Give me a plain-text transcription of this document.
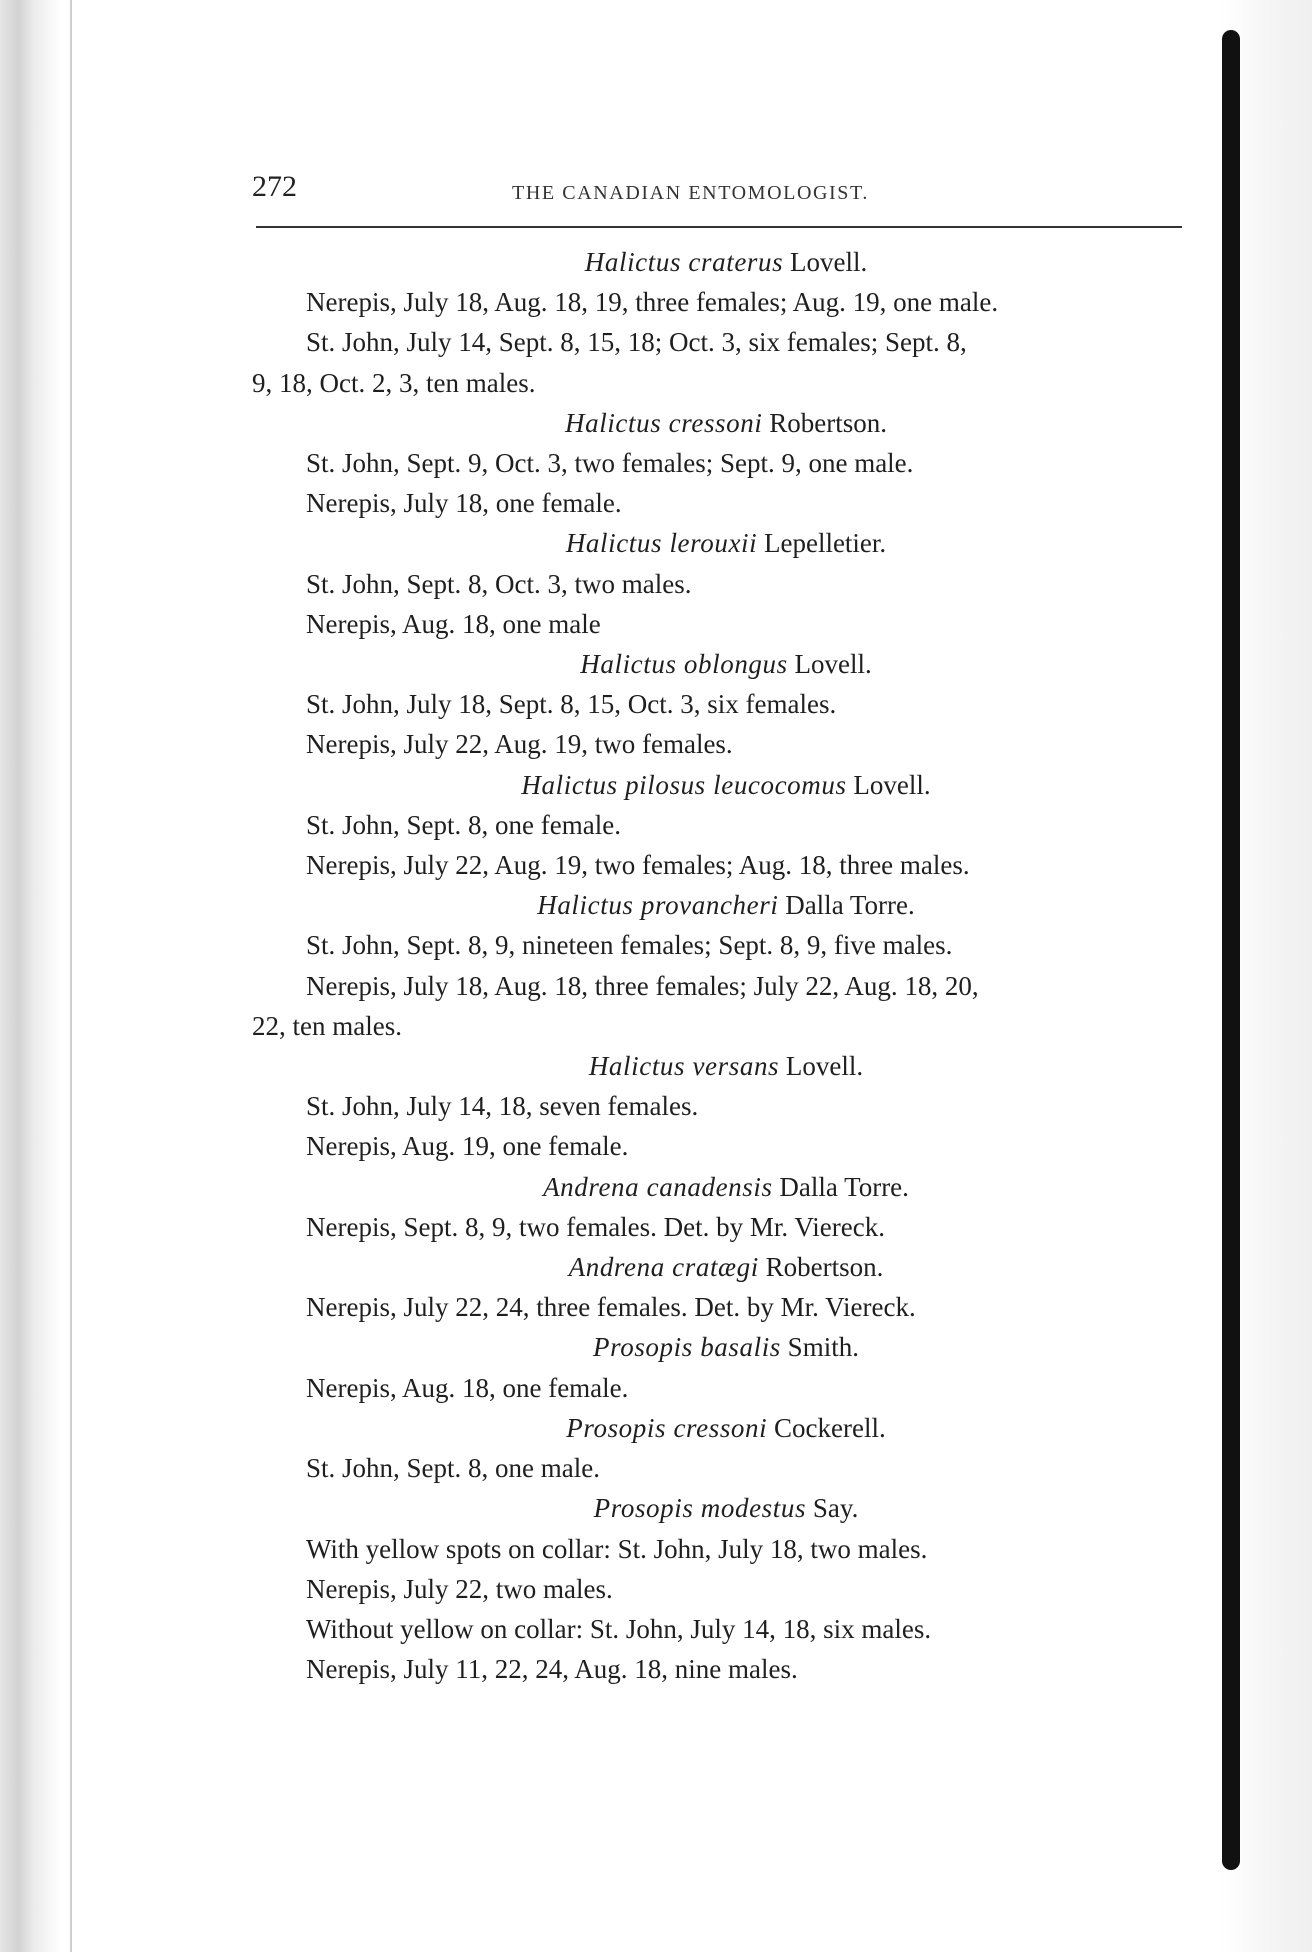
272	THE CANADIAN ENTOMOLOGIST.
Halictus craterus Lovell.
Nerepis, July 18, Aug. 18, 19, three females; Aug. 19, one male.
St. John, July 14, Sept. 8, 15, 18; Oct. 3, six females; Sept. 8,
9, 18, Oct. 2, 3, ten males.
Halictus cressoni Robertson.
St. John, Sept. 9, Oct. 3, two females; Sept. 9, one male.
Nerepis, July 18, one female.
Halictus lerouxii Lepelletier.
St. John, Sept. 8, Oct. 3, two males.
Nerepis, Aug. 18, one male
Halictus oblongus Lovell.
St. John, July 18, Sept. 8, 15, Oct. 3, six females.
Nerepis, July 22, Aug. 19, two females.
Halictus pilosus leucocomus Lovell.
St. John, Sept. 8, one female.
Nerepis, July 22, Aug. 19, two females; Aug. 18, three males.
Halictus provancheri Dalla Torre.
St. John, Sept. 8, 9, nineteen females; Sept. 8, 9, five males.
Nerepis, July 18, Aug. 18, three females; July 22, Aug. 18, 20,
22, ten males.
Halictus versans Lovell.
St. John, July 14, 18, seven females.
Nerepis, Aug. 19, one female.
Andrena canadensis Dalla Torre.
Nerepis, Sept. 8, 9, two females. Det. by Mr. Viereck.
Andrena cratægi Robertson.
Nerepis, July 22, 24, three females. Det. by Mr. Viereck.
Prosopis basalis Smith.
Nerepis, Aug. 18, one female.
Prosopis cressoni Cockerell.
St. John, Sept. 8, one male.
Prosopis modestus Say.
With yellow spots on collar: St. John, July 18, two males.
Nerepis, July 22, two males.
Without yellow on collar: St. John, July 14, 18, six males.
Nerepis, July 11, 22, 24, Aug. 18, nine males.
